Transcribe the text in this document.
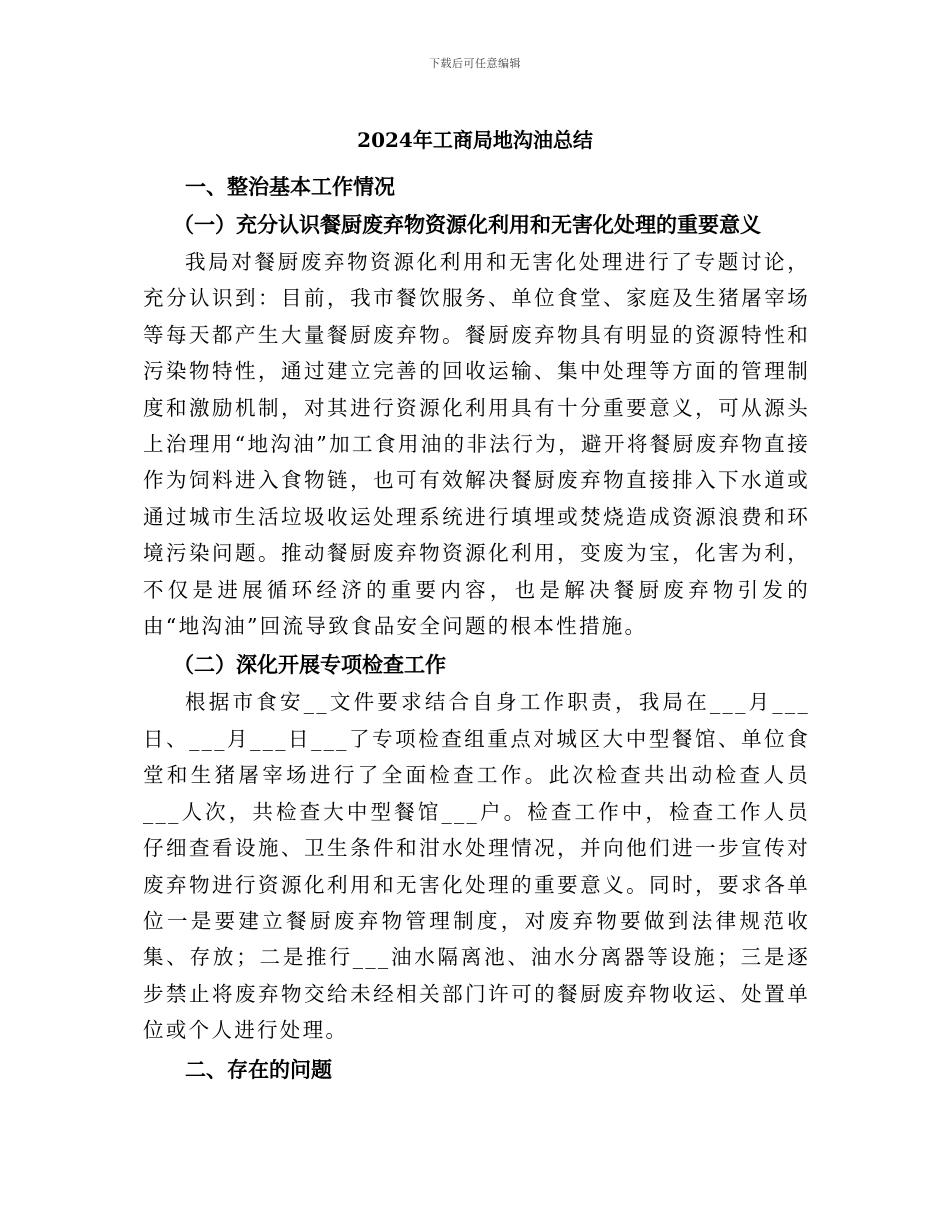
下载后可任意编辑
2024年工商局地沟油总结

一、整治基本工作情况

（一）充分认识餐厨废弃物资源化利用和无害化处理的重要意义

我局对餐厨废弃物资源化利用和无害化处理进行了专题讨论，充分认识到：目前，我市餐饮服务、单位食堂、家庭及生猪屠宰场等每天都产生大量餐厨废弃物。餐厨废弃物具有明显的资源特性和污染物特性，通过建立完善的回收运输、集中处理等方面的管理制度和激励机制，对其进行资源化利用具有十分重要意义，可从源头上治理用“地沟油”加工食用油的非法行为，避开将餐厨废弃物直接作为饲料进入食物链，也可有效解决餐厨废弃物直接排入下水道或通过城市生活垃圾收运处理系统进行填埋或焚烧造成资源浪费和环境污染问题。推动餐厨废弃物资源化利用，变废为宝，化害为利，不仅是进展循环经济的重要内容，也是解决餐厨废弃物引发的由“地沟油”回流导致食品安全问题的根本性措施。

（二）深化开展专项检查工作

根据市食安__文件要求结合自身工作职责，我局在___月___日、___月___日___了专项检查组重点对城区大中型餐馆、单位食堂和生猪屠宰场进行了全面检查工作。此次检查共出动检查人员___人次，共检查大中型餐馆___户。检查工作中，检查工作人员仔细查看设施、卫生条件和泔水处理情况，并向他们进一步宣传对废弃物进行资源化利用和无害化处理的重要意义。同时，要求各单位一是要建立餐厨废弃物管理制度，对废弃物要做到法律规范收集、存放；二是推行___油水隔离池、油水分离器等设施；三是逐步禁止将废弃物交给未经相关部门许可的餐厨废弃物收运、处置单位或个人进行处理。

二、存在的问题
